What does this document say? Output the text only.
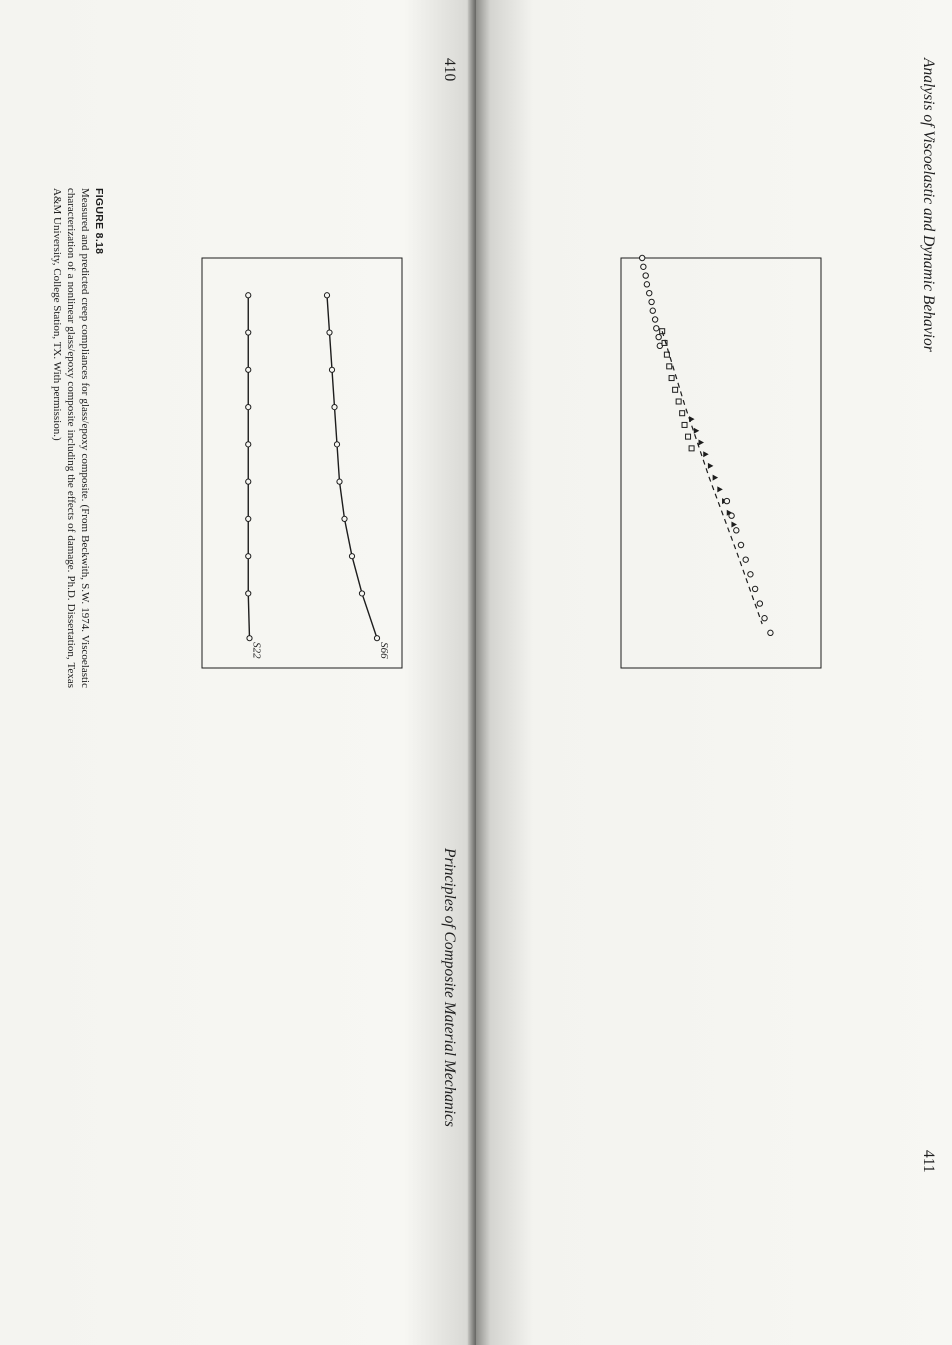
410
Principles of Composite Material Mechanics
S66
S22
FIGURE 8.18
Measured and predicted creep compliances for glass/epoxy composite. (From Beckwith, S.W. 1974. Viscoelastic characterization of a nonlinear glass/epoxy composite including the effects of damage. Ph.D. Dissertation, Texas A&M University, College Station, TX. With permission.)	Analysis of Viscoelastic and Dynamic Behavior
411
